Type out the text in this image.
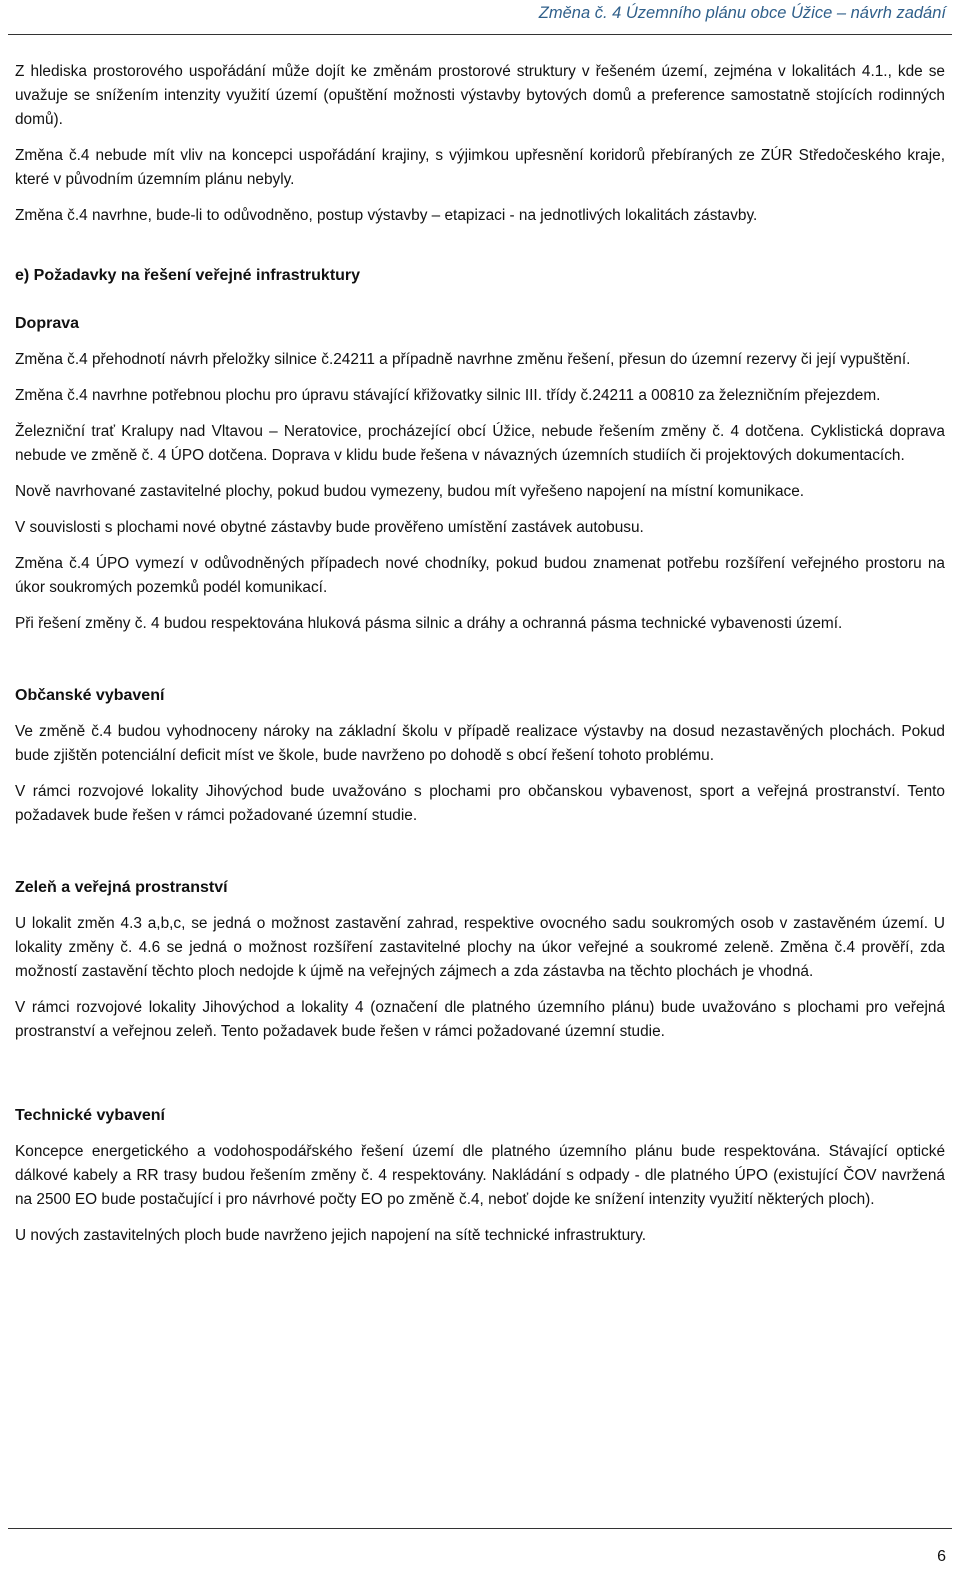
Změna č. 4 Územního plánu obce Úžice – návrh zadání

Z hlediska prostorového uspořádání může dojít ke změnám prostorové struktury v řešeném území, zejména v lokalitách 4.1., kde se uvažuje se snížením intenzity využití území (opuštění možnosti výstavby bytových domů a preference samostatně stojících rodinných domů).

Změna č.4 nebude mít vliv na koncepci uspořádání krajiny, s výjimkou upřesnění koridorů přebíraných ze ZÚR Středočeského kraje, které v původním územním plánu nebyly.

Změna č.4 navrhne, bude-li to odůvodněno, postup výstavby – etapizaci - na jednotlivých lokalitách zástavby.

e) Požadavky na řešení veřejné infrastruktury
Doprava

Změna č.4 přehodnotí návrh přeložky silnice č.24211 a případně navrhne změnu řešení, přesun do územní rezervy či její vypuštění.

Změna č.4 navrhne potřebnou plochu pro úpravu stávající křižovatky silnic III. třídy č.24211 a 00810 za železničním přejezdem.

Železniční trať Kralupy nad Vltavou – Neratovice, procházející obcí Úžice, nebude řešením změny č. 4 dotčena. Cyklistická doprava nebude ve změně č. 4 ÚPO dotčena. Doprava v klidu bude řešena v návazných územních studiích či projektových dokumentacích.

Nově navrhované zastavitelné plochy, pokud budou vymezeny, budou mít vyřešeno napojení na místní komunikace.

V souvislosti s plochami nové obytné zástavby bude prověřeno umístění zastávek autobusu.

Změna č.4 ÚPO vymezí v odůvodněných případech nové chodníky, pokud budou znamenat potřebu rozšíření veřejného prostoru na úkor soukromých pozemků podél komunikací.

Při řešení změny č. 4 budou respektována hluková pásma silnic a dráhy a ochranná pásma technické vybavenosti území.

Občanské vybavení

Ve změně č.4 budou vyhodnoceny nároky na základní školu v případě realizace výstavby na dosud nezastavěných plochách. Pokud bude zjištěn potenciální deficit míst ve škole, bude navrženo po dohodě s obcí řešení tohoto problému.

V rámci rozvojové lokality Jihovýchod bude uvažováno s plochami pro občanskou vybavenost, sport a veřejná prostranství. Tento požadavek bude řešen v rámci požadované územní studie.

Zeleň a veřejná prostranství

U lokalit změn 4.3 a,b,c, se jedná o možnost zastavění zahrad, respektive ovocného sadu soukromých osob v zastavěném území. U lokality změny č. 4.6 se jedná o možnost rozšíření zastavitelné plochy na úkor veřejné a soukromé zeleně. Změna č.4 prověří, zda možností zastavění těchto ploch nedojde k újmě na veřejných zájmech a zda zástavba na těchto plochách je vhodná.

V rámci rozvojové lokality Jihovýchod a lokality 4 (označení dle platného územního plánu) bude uvažováno s plochami pro veřejná prostranství a veřejnou zeleň. Tento požadavek bude řešen v rámci požadované územní studie.

Technické vybavení

Koncepce energetického a vodohospodářského řešení území dle platného územního plánu bude respektována. Stávající optické dálkové kabely a RR trasy budou řešením změny č. 4 respektovány. Nakládání s odpady - dle platného ÚPO (existující ČOV navržená na 2500 EO bude postačující i pro návrhové počty EO po změně č.4, neboť dojde ke snížení intenzity využití některých ploch).

U nových zastavitelných ploch bude navrženo jejich napojení na sítě technické infrastruktury.

6
